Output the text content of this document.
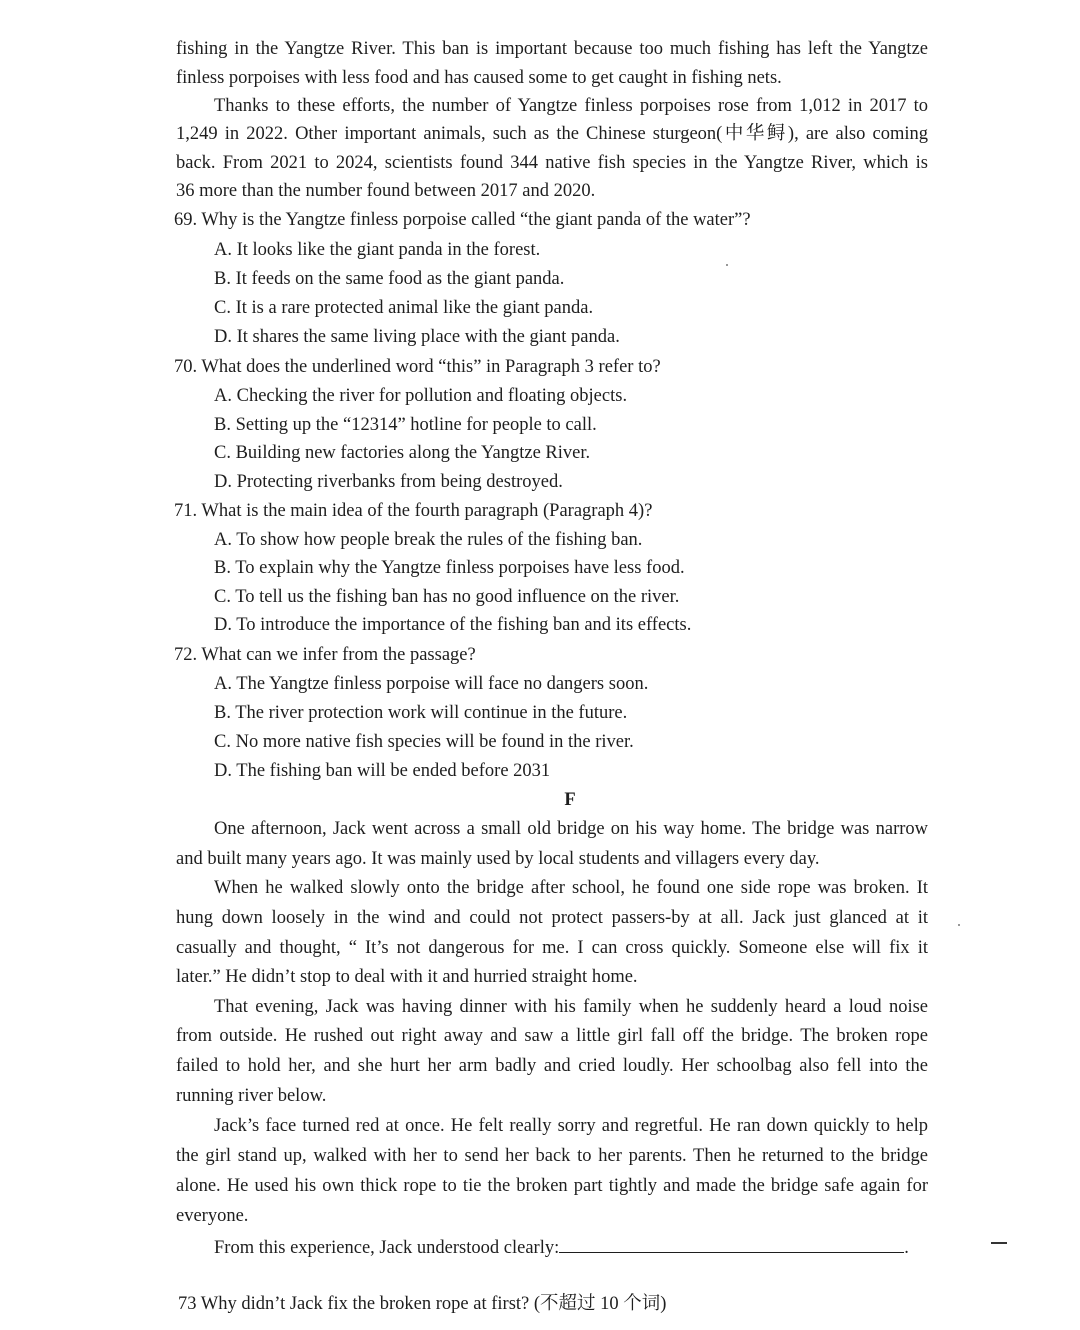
fishing in the Yangtze River. This ban is important because too much fishing has left the Yangtze
finless porpoises with less food and has caused some to get caught in fishing nets.
Thanks to these efforts, the number of Yangtze finless porpoises rose from 1,012 in 2017 to
1,249 in 2022. Other important animals, such as the Chinese sturgeon(中华鲟), are also coming
back. From 2021 to 2024, scientists found 344 native fish species in the Yangtze River, which is
36 more than the number found between 2017 and 2020.
69. Why is the Yangtze finless porpoise called “the giant panda of the water”?
A. It looks like the giant panda in the forest.
B. It feeds on the same food as the giant panda.
C. It is a rare protected animal like the giant panda.
D. It shares the same living place with the giant panda.
70. What does the underlined word “this” in Paragraph 3 refer to?
A. Checking the river for pollution and floating objects.
B. Setting up the “12314” hotline for people to call.
C. Building new factories along the Yangtze River.
D. Protecting riverbanks from being destroyed.
71. What is the main idea of the fourth paragraph (Paragraph 4)?
A. To show how people break the rules of the fishing ban.
B. To explain why the Yangtze finless porpoises have less food.
C. To tell us the fishing ban has no good influence on the river.
D. To introduce the importance of the fishing ban and its effects.
72. What can we infer from the passage?
A. The Yangtze finless porpoise will face no dangers soon.
B. The river protection work will continue in the future.
C. No more native fish species will be found in the river.
D. The fishing ban will be ended before 2031
F
One afternoon, Jack went across a small old bridge on his way home. The bridge was narrow
and built many years ago. It was mainly used by local students and villagers every day.
When he walked slowly onto the bridge after school, he found one side rope was broken. It
hung down loosely in the wind and could not protect passers-by at all. Jack just glanced at it
casually and thought, “ It’s not dangerous for me. I can cross quickly. Someone else will fix it
later.” He didn’t stop to deal with it and hurried straight home.
That evening, Jack was having dinner with his family when he suddenly heard a loud noise
from outside. He rushed out right away and saw a little girl fall off the bridge. The broken rope
failed to hold her, and she hurt her arm badly and cried loudly. Her schoolbag also fell into the
running river below.
Jack’s face turned red at once. He felt really sorry and regretful. He ran down quickly to help
the girl stand up, walked with her to send her back to her parents. Then he returned to the bridge
alone. He used his own thick rope to tie the broken part tightly and made the bridge safe again for
everyone.
From this experience, Jack understood clearly:	.
73 Why didn’t Jack fix the broken rope at first? (不超过 10 个词)
